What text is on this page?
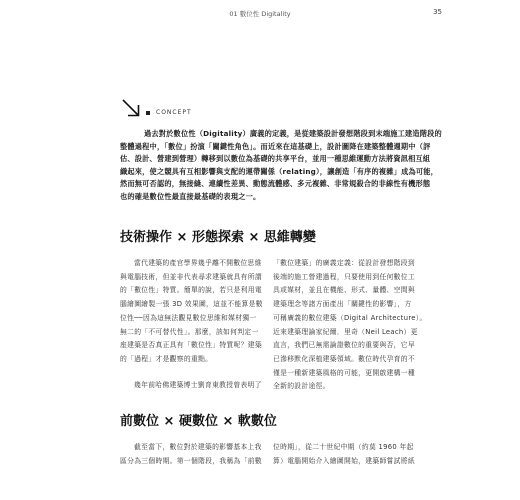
01 數位性 Digitality	35
CONCEPT
過去對於數位性（Digitality）廣義的定義，是從建築設計發想階段到末端施工建造階段的
整體過程中，「數位」扮演「關鍵性角色」。而近來在這基礎上，設計圖降在建築整體週期中（評
估、設計、營建到營理）轉移到以數位為基礎的共享平台，並用一種思維運動方法將資訊相互組
織起來，使之競具有互相影響與支配的運帶關係（relating），讓創造「有序的複雜」成為可能，
然而無可否認的，無接縫、連續性差異、動態流體感、多元複雜、非常規殺合的非線性有機形態
也的確是數位性最直接最基礎的表現之一。
技術操作 × 形態探索 × 思維轉變
當代建築的產官學界幾乎離不開數位思維
與電腦技術，但並非代表尋求建築就具有所謂
的「數位性」特質。簡單的說，若只是利用電
腦繪圖繪製一張 3D 效果圖，這並不能算是數
位性──因為這無法觀見數位思維和媒材獨一
無二的「不可替代性」。那麼，該如何判定一
座建築是否真正具有「數位性」特質呢？建築
的「過程」才是觀察的重點。
幾年前哈佛建築博士劉育東教授曾表明了
「數位建築」的廣義定義：從設計發想階段到
後端的施工營建過程，只要使用到任何數位工
具或媒材，並且在機能、形式、量體、空間與
建築理念等諸方面產出「關鍵性的影響」，方
可稱廣義的數位建築（Digital Architecture）。
近來建築理論家紀爾．里奇（Neil Leach）更
直言，我們已無需論證數位的重要與否，它早
已滲移默化深植建築領域。數位時代孕育的不
僅是一種新建築風格的可能，更開啟建構一種
全新的設計途徑。
前數位 × 硬數位 × 軟數位
截至當下，數位對於建築的影響基本上我
區分為三個時期。第一個階段，我稱為「前數
位時期」，從二十世紀中期（約莫 1960 年起
算）電腦開始介入繪圖開始，建築師嘗試將紙
